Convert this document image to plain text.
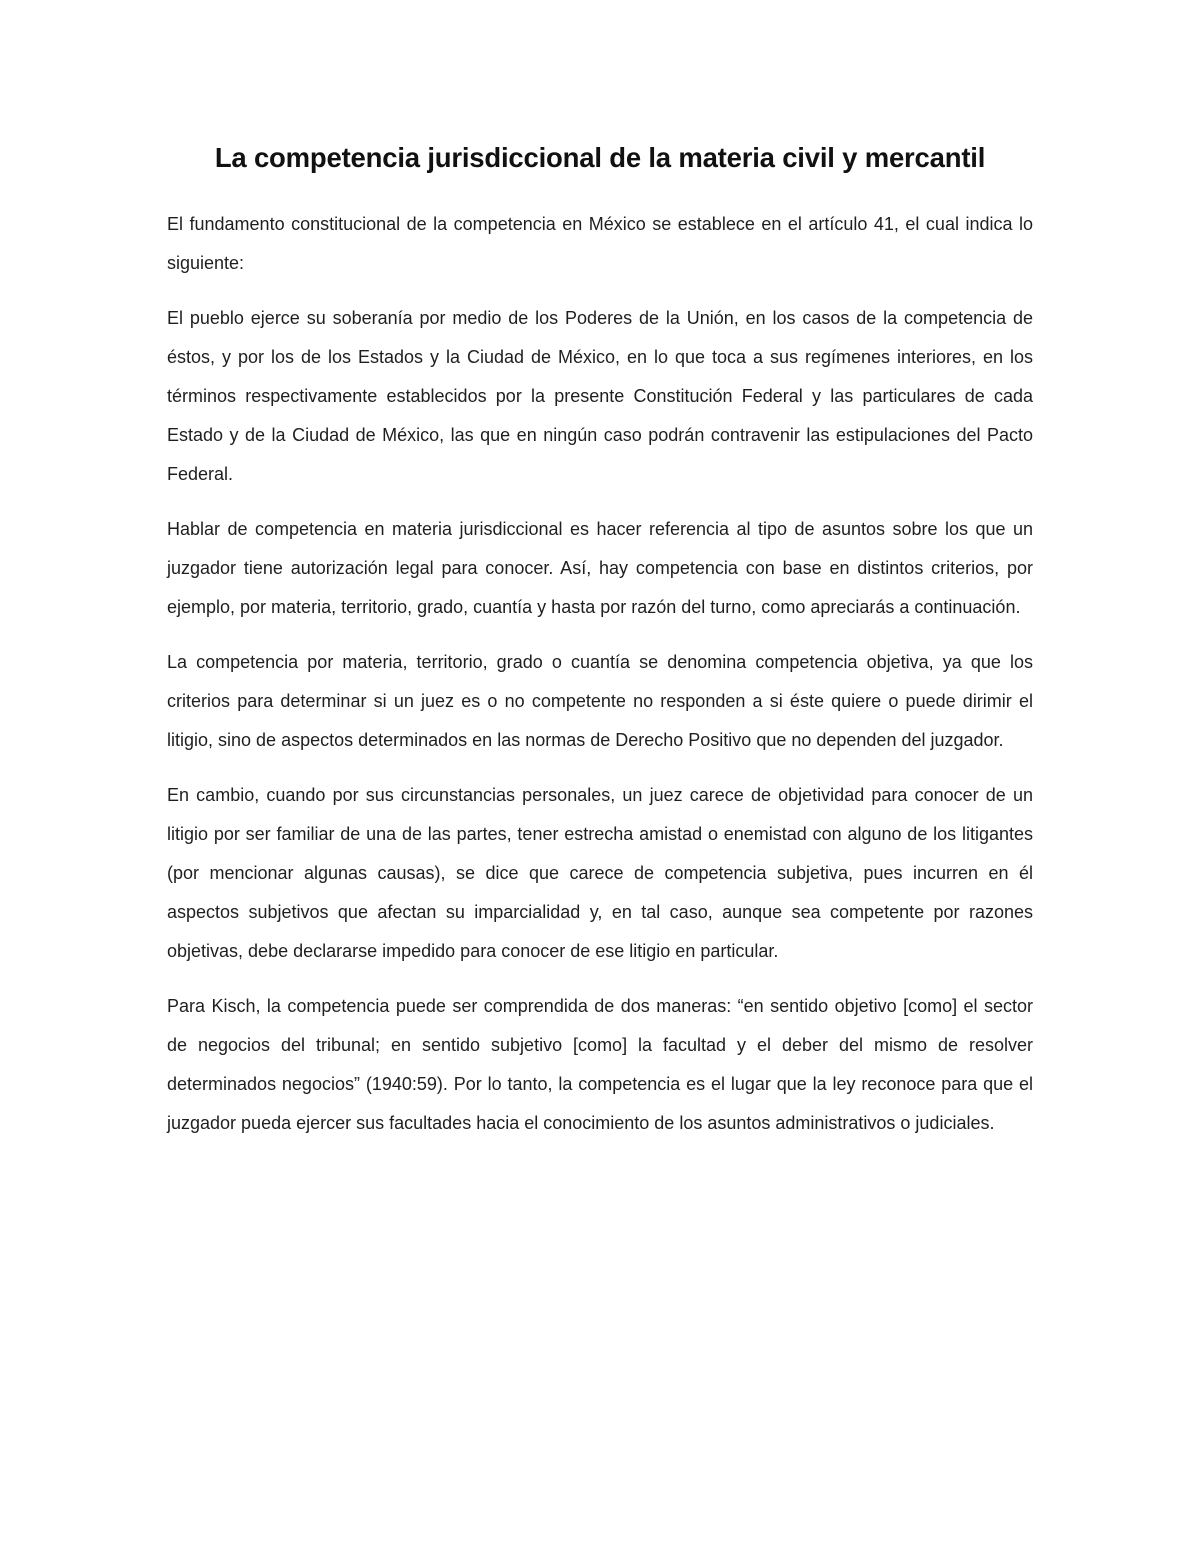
La competencia jurisdiccional de la materia civil y mercantil

El fundamento constitucional de la competencia en México se establece en el artículo 41, el cual indica lo siguiente:

El pueblo ejerce su soberanía por medio de los Poderes de la Unión, en los casos de la competencia de éstos, y por los de los Estados y la Ciudad de México, en lo que toca a sus regímenes interiores, en los términos respectivamente establecidos por la presente Constitución Federal y las particulares de cada Estado y de la Ciudad de México, las que en ningún caso podrán contravenir las estipulaciones del Pacto Federal.

Hablar de competencia en materia jurisdiccional es hacer referencia al tipo de asuntos sobre los que un juzgador tiene autorización legal para conocer. Así, hay competencia con base en distintos criterios, por ejemplo, por materia, territorio, grado, cuantía y hasta por razón del turno, como apreciarás a continuación.

La competencia por materia, territorio, grado o cuantía se denomina competencia objetiva, ya que los criterios para determinar si un juez es o no competente no responden a si éste quiere o puede dirimir el litigio, sino de aspectos determinados en las normas de Derecho Positivo que no dependen del juzgador.

En cambio, cuando por sus circunstancias personales, un juez carece de objetividad para conocer de un litigio por ser familiar de una de las partes, tener estrecha amistad o enemistad con alguno de los litigantes (por mencionar algunas causas), se dice que carece de competencia subjetiva, pues incurren en él aspectos subjetivos que afectan su imparcialidad y, en tal caso, aunque sea competente por razones objetivas, debe declararse impedido para conocer de ese litigio en particular.

Para Kisch, la competencia puede ser comprendida de dos maneras: “en sentido objetivo [como] el sector de negocios del tribunal; en sentido subjetivo [como] la facultad y el deber del mismo de resolver determinados negocios” (1940:59). Por lo tanto, la competencia es el lugar que la ley reconoce para que el juzgador pueda ejercer sus facultades hacia el conocimiento de los asuntos administrativos o judiciales.
